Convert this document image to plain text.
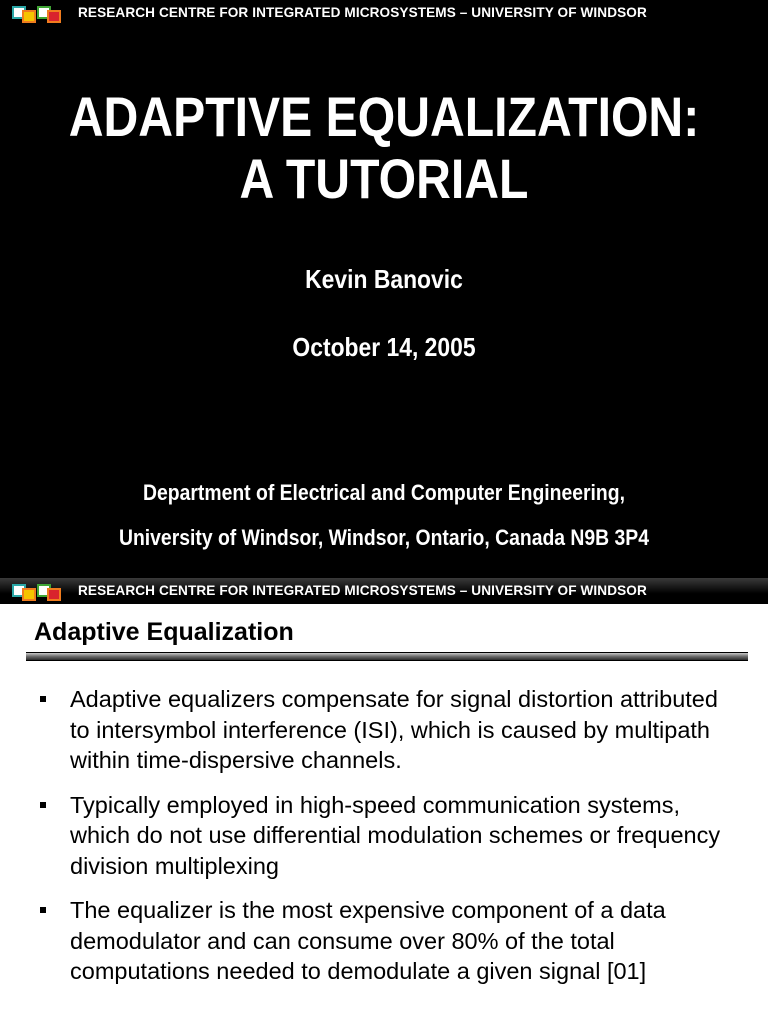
RESEARCH CENTRE FOR INTEGRATED MICROSYSTEMS – UNIVERSITY OF WINDSOR
ADAPTIVE EQUALIZATION:
A TUTORIAL
Kevin Banovic
October 14, 2005
Department of Electrical and Computer Engineering,
University of Windsor, Windsor, Ontario, Canada N9B 3P4
RESEARCH CENTRE FOR INTEGRATED MICROSYSTEMS – UNIVERSITY OF WINDSOR
Adaptive Equalization
Adaptive equalizers compensate for signal distortion attributed to intersymbol interference (ISI), which is caused by multipath within time-dispersive channels.
Typically employed in high-speed communication systems, which do not use differential modulation schemes or frequency division multiplexing
The equalizer is the most expensive component of a data demodulator and can consume over 80% of the total computations needed to demodulate a given signal [01]
